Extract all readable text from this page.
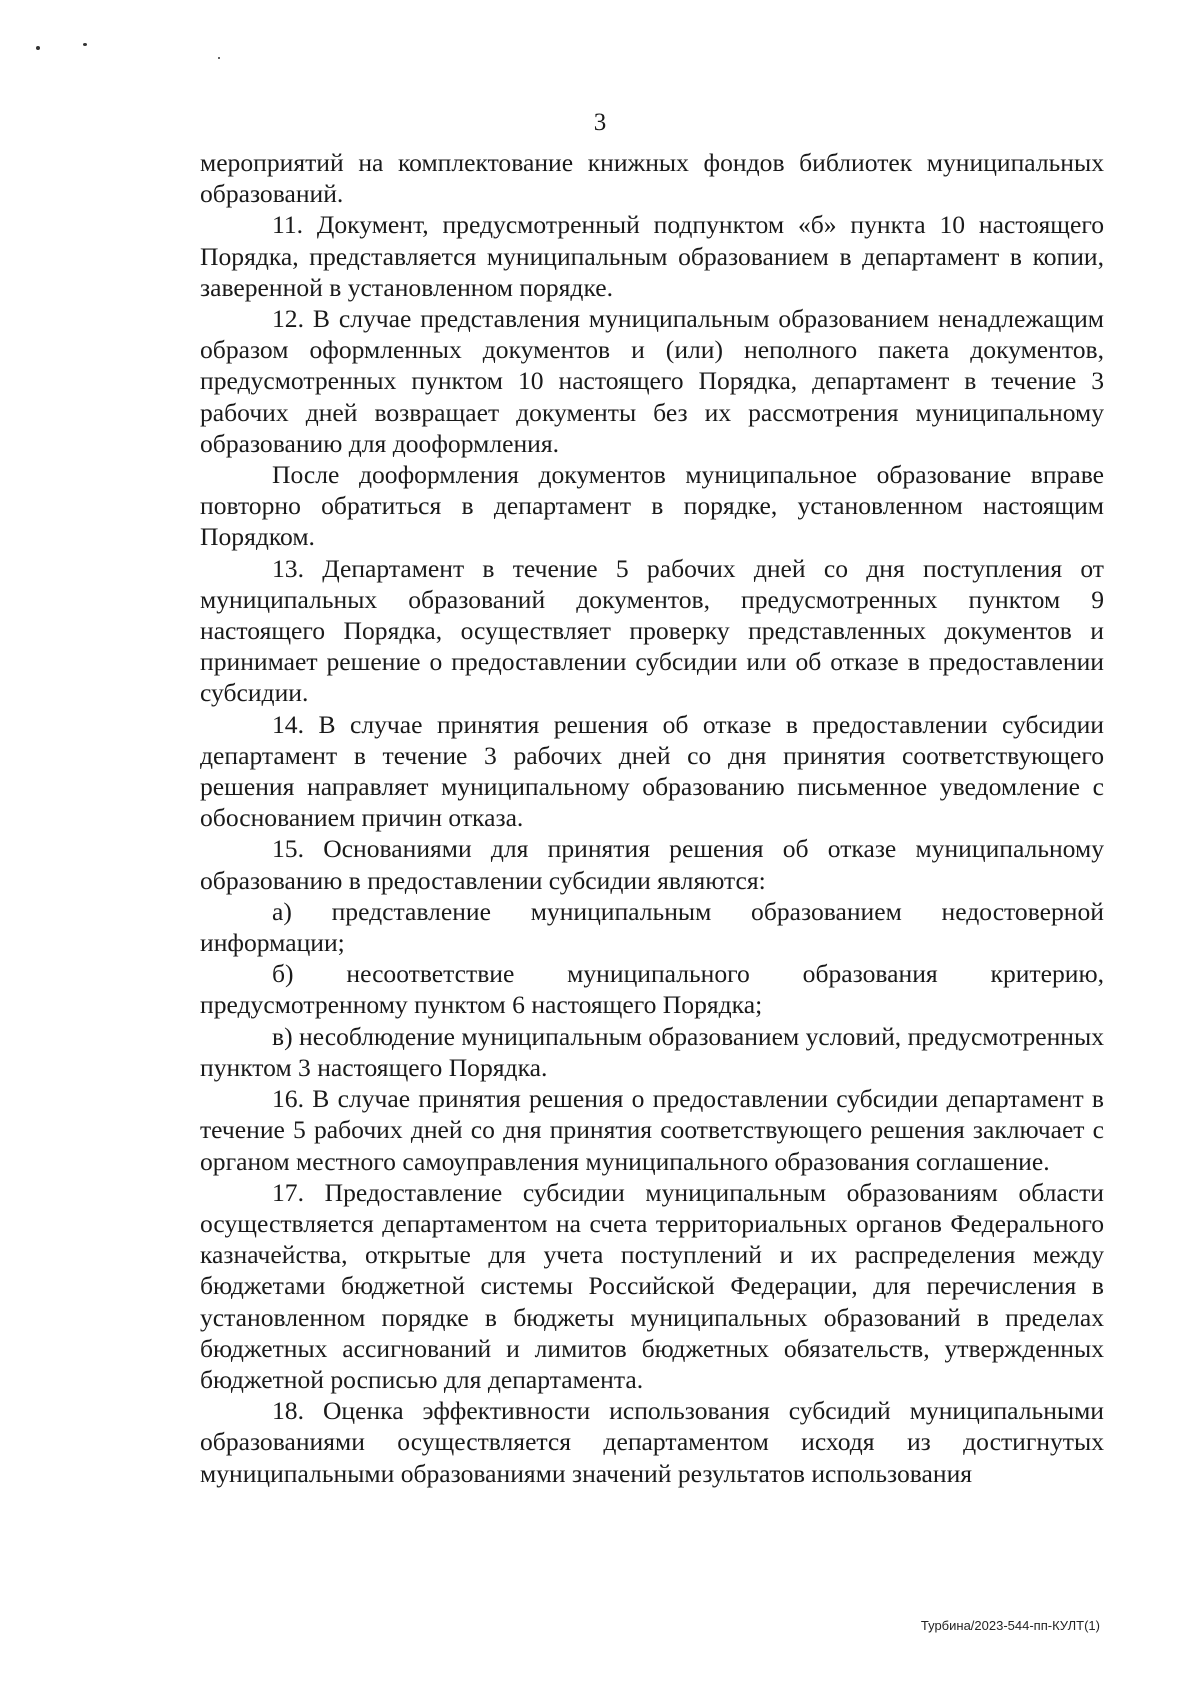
3

мероприятий на комплектование книжных фондов библиотек муниципальных образований.

11. Документ, предусмотренный подпунктом «б» пункта 10 настоящего Порядка, представляется муниципальным образованием в департамент в копии, заверенной в установленном порядке.

12. В случае представления муниципальным образованием ненадлежащим образом оформленных документов и (или) неполного пакета документов, предусмотренных пунктом 10 настоящего Порядка, департамент в течение 3 рабочих дней возвращает документы без их рассмотрения муниципальному образованию для дооформления.

После дооформления документов муниципальное образование вправе повторно обратиться в департамент в порядке, установленном настоящим Порядком.

13. Департамент в течение 5 рабочих дней со дня поступления от муниципальных образований документов, предусмотренных пунктом 9 настоящего Порядка, осуществляет проверку представленных документов и принимает решение о предоставлении субсидии или об отказе в предоставлении субсидии.

14. В случае принятия решения об отказе в предоставлении субсидии департамент в течение 3 рабочих дней со дня принятия соответствующего решения направляет муниципальному образованию письменное уведомление с обоснованием причин отказа.

15. Основаниями для принятия решения об отказе муниципальному образованию в предоставлении субсидии являются:

а) представление муниципальным образованием недостоверной информации;

б) несоответствие муниципального образования критерию, предусмотренному пунктом 6 настоящего Порядка;

в) несоблюдение муниципальным образованием условий, предусмотренных пунктом 3 настоящего Порядка.

16. В случае принятия решения о предоставлении субсидии департамент в течение 5 рабочих дней со дня принятия соответствующего решения заключает с органом местного самоуправления муниципального образования соглашение.

17. Предоставление субсидии муниципальным образованиям области осуществляется департаментом на счета территориальных органов Федерального казначейства, открытые для учета поступлений и их распределения между бюджетами бюджетной системы Российской Федерации, для перечисления в установленном порядке в бюджеты муниципальных образований в пределах бюджетных ассигнований и лимитов бюджетных обязательств, утвержденных бюджетной росписью для департамента.

18. Оценка эффективности использования субсидий муниципальными образованиями осуществляется департаментом исходя из достигнутых муниципальными образованиями значений результатов использования

Турбина/2023-544-пп-КУЛТ(1)
